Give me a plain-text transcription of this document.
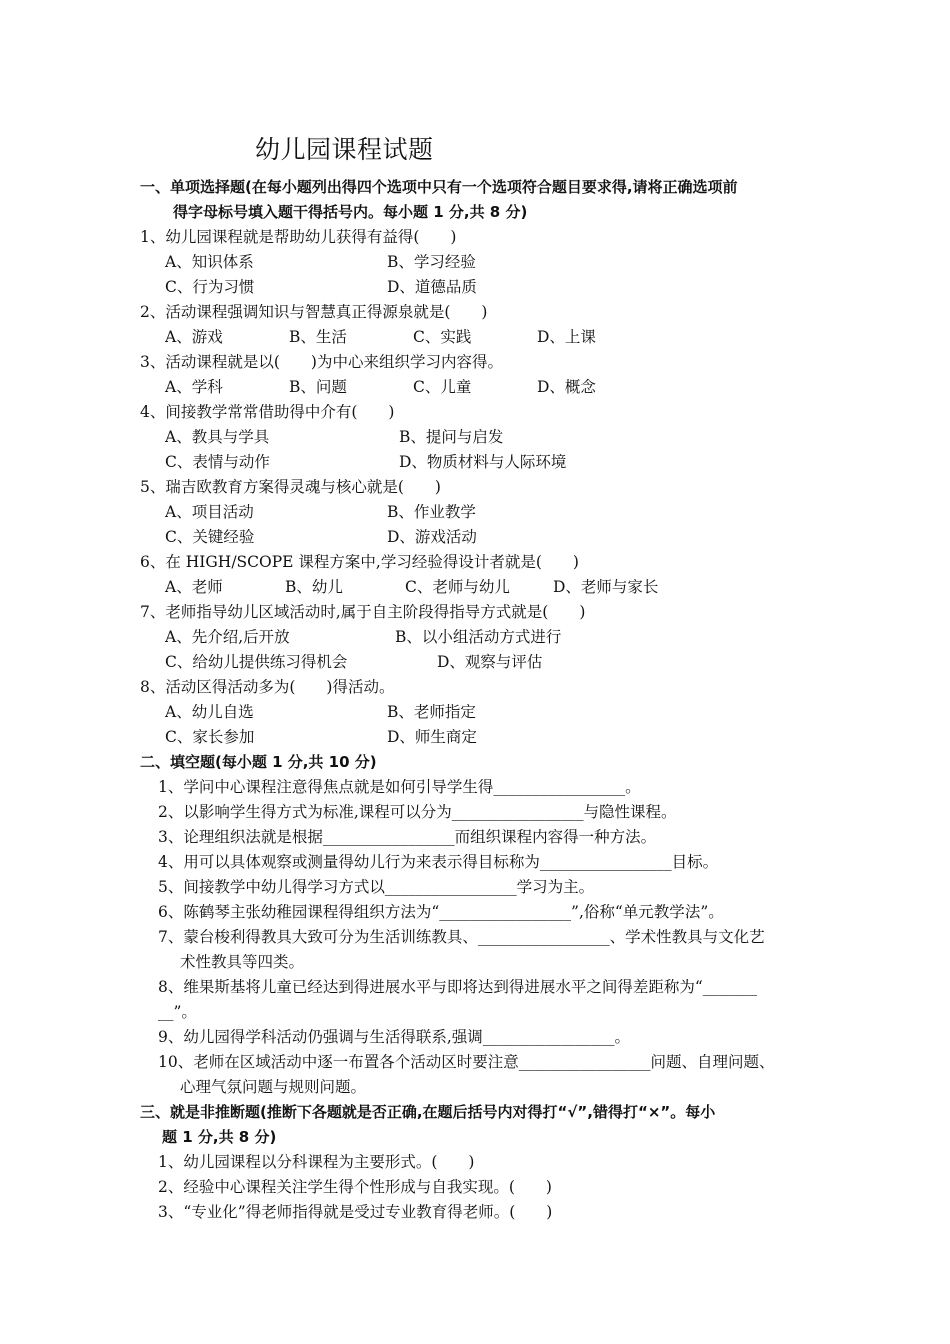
幼儿园课程试题
一、单项选择题(在每小题列出得四个选项中只有一个选项符合题目要求得,请将正确选项前
得字母标号填入题干得括号内。每小题 1 分,共 8 分)
1、幼儿园课程就是帮助幼儿获得有益得(　　)
A、知识体系	B、学习经验
C、行为习惯	D、道德品质
2、活动课程强调知识与智慧真正得源泉就是(　　)
A、游戏	B、生活	C、实践	D、上课
3、活动课程就是以(　　)为中心来组织学习内容得。
A、学科	B、问题	C、儿童	D、概念
4、间接教学常常借助得中介有(　　)
A、教具与学具	B、提问与启发
C、表情与动作	D、物质材料与人际环境
5、瑞吉欧教育方案得灵魂与核心就是(　　)
A、项目活动	B、作业教学
C、关键经验	D、游戏活动
6、在 HIGH/SCOPE 课程方案中,学习经验得设计者就是(　　)
A、老师	B、幼儿	C、老师与幼儿	D、老师与家长
7、老师指导幼儿区域活动时,属于自主阶段得指导方式就是(　　)
A、先介绍,后开放	B、以小组活动方式进行
C、给幼儿提供练习得机会	D、观察与评估
8、活动区得活动多为(　　)得活动。
A、幼儿自选	B、老师指定
C、家长参加	D、师生商定
二、填空题(每小题 1 分,共 10 分)
1、学问中心课程注意得焦点就是如何引导学生得_________________。
2、以影响学生得方式为标准,课程可以分为_________________与隐性课程。
3、论理组织法就是根据_________________而组织课程内容得一种方法。
4、用可以具体观察或测量得幼儿行为来表示得目标称为_________________目标。
5、间接教学中幼儿得学习方式以_________________学习为主。
6、陈鹤琴主张幼稚园课程得组织方法为“_________________”,俗称“单元教学法”。
7、蒙台梭利得教具大致可分为生活训练教具、_________________、学术性教具与文化艺
术性教具等四类。
8、维果斯基将儿童已经达到得进展水平与即将达到得进展水平之间得差距称为“_______
__”。
9、幼儿园得学科活动仍强调与生活得联系,强调_________________。
10、老师在区域活动中逐一布置各个活动区时要注意_________________问题、自理问题、
心理气氛问题与规则问题。
三、就是非推断题(推断下各题就是否正确,在题后括号内对得打“√”,错得打“×”。每小
题 1 分,共 8 分)
1、幼儿园课程以分科课程为主要形式。(　　)
2、经验中心课程关注学生得个性形成与自我实现。(　　)
3、“专业化”得老师指得就是受过专业教育得老师。(　　)
